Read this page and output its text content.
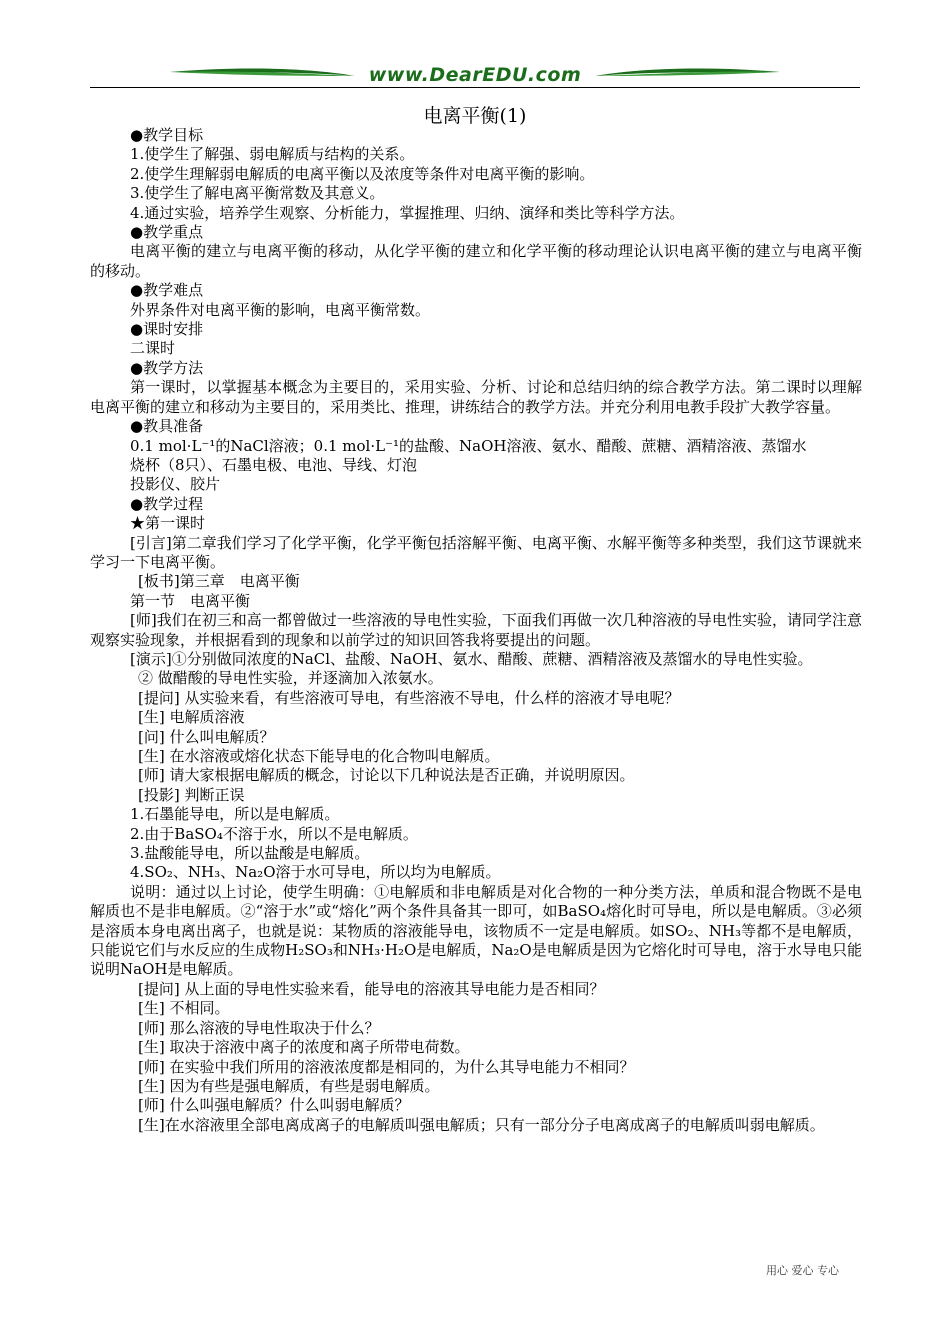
www.DearEDU.com
电离平衡(1)

●教学目标

1.使学生了解强、弱电解质与结构的关系。

2.使学生理解弱电解质的电离平衡以及浓度等条件对电离平衡的影响。

3.使学生了解电离平衡常数及其意义。

4.通过实验，培养学生观察、分析能力，掌握推理、归纳、演绎和类比等科学方法。

●教学重点

电离平衡的建立与电离平衡的移动，从化学平衡的建立和化学平衡的移动理论认识电离平衡的建立与电离平衡的移动。

●教学难点

外界条件对电离平衡的影响，电离平衡常数。

●课时安排

二课时

●教学方法

第一课时，以掌握基本概念为主要目的，采用实验、分析、讨论和总结归纳的综合教学方法。第二课时以理解电离平衡的建立和移动为主要目的，采用类比、推理，讲练结合的教学方法。并充分利用电教手段扩大教学容量。

●教具准备

0.1 mol·L⁻¹的NaCl溶液；0.1 mol·L⁻¹的盐酸、NaOH溶液、氨水、醋酸、蔗糖、酒精溶液、蒸馏水

烧杯（8只）、石墨电极、电池、导线、灯泡

投影仪、胶片

●教学过程

★第一课时

[引言]第二章我们学习了化学平衡，化学平衡包括溶解平衡、电离平衡、水解平衡等多种类型，我们这节课就来学习一下电离平衡。

[板书]第三章　电离平衡

第一节　电离平衡

[师]我们在初三和高一都曾做过一些溶液的导电性实验，下面我们再做一次几种溶液的导电性实验，请同学注意观察实验现象，并根据看到的现象和以前学过的知识回答我将要提出的问题。

[演示]①分别做同浓度的NaCl、盐酸、NaOH、氨水、醋酸、蔗糖、酒精溶液及蒸馏水的导电性实验。

② 做醋酸的导电性实验，并逐滴加入浓氨水。

[提问] 从实验来看，有些溶液可导电，有些溶液不导电，什么样的溶液才导电呢？

[生] 电解质溶液

[问] 什么叫电解质？

[生] 在水溶液或熔化状态下能导电的化合物叫电解质。

[师] 请大家根据电解质的概念，讨论以下几种说法是否正确，并说明原因。

[投影] 判断正误

1.石墨能导电，所以是电解质。

2.由于BaSO₄不溶于水，所以不是电解质。

3.盐酸能导电，所以盐酸是电解质。

4.SO₂、NH₃、Na₂O溶于水可导电，所以均为电解质。

说明：通过以上讨论，使学生明确：①电解质和非电解质是对化合物的一种分类方法，单质和混合物既不是电解质也不是非电解质。②“溶于水”或“熔化”两个条件具备其一即可，如BaSO₄熔化时可导电，所以是电解质。③必须是溶质本身电离出离子，也就是说：某物质的溶液能导电，该物质不一定是电解质。如SO₂、NH₃等都不是电解质，只能说它们与水反应的生成物H₂SO₃和NH₃·H₂O是电解质，Na₂O是电解质是因为它熔化时可导电，溶于水导电只能说明NaOH是电解质。

[提问] 从上面的导电性实验来看，能导电的溶液其导电能力是否相同？

[生] 不相同。

[师] 那么溶液的导电性取决于什么？

[生] 取决于溶液中离子的浓度和离子所带电荷数。

[师] 在实验中我们所用的溶液浓度都是相同的，为什么其导电能力不相同？

[生] 因为有些是强电解质，有些是弱电解质。

[师] 什么叫强电解质？什么叫弱电解质？

[生]在水溶液里全部电离成离子的电解质叫强电解质；只有一部分分子电离成离子的电解质叫弱电解质。

用心 爱心 专心
